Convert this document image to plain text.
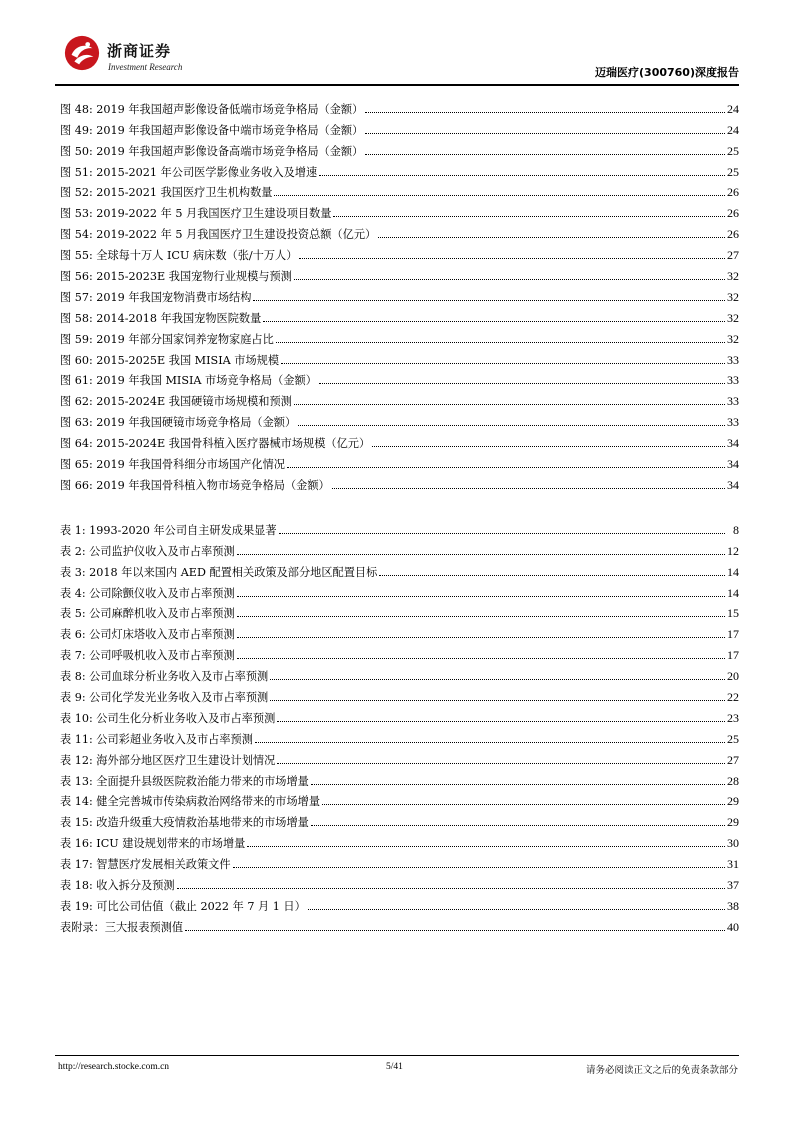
浙商证券
Investment Research	迈瑞医疗(300760)深度报告
图 48: 2019 年我国超声影像设备低端市场竞争格局（金额）	24
图 49: 2019 年我国超声影像设备中端市场竞争格局（金额）	24
图 50: 2019 年我国超声影像设备高端市场竞争格局（金额）	25
图 51: 2015-2021 年公司医学影像业务收入及增速	25
图 52: 2015-2021 我国医疗卫生机构数量	26
图 53: 2019-2022 年 5 月我国医疗卫生建设项目数量	26
图 54: 2019-2022 年 5 月我国医疗卫生建设投资总额（亿元）	26
图 55: 全球每十万人 ICU 病床数（张/十万人）	27
图 56: 2015-2023E 我国宠物行业规模与预测	32
图 57: 2019 年我国宠物消费市场结构	32
图 58: 2014-2018 年我国宠物医院数量	32
图 59: 2019 年部分国家饲养宠物家庭占比	32
图 60: 2015-2025E 我国 MISIA 市场规模	33
图 61: 2019 年我国 MISIA 市场竞争格局（金额）	33
图 62: 2015-2024E 我国硬镜市场规模和预测	33
图 63: 2019 年我国硬镜市场竞争格局（金额）	33
图 64: 2015-2024E 我国骨科植入医疗器械市场规模（亿元）	34
图 65: 2019 年我国骨科细分市场国产化情况	34
图 66: 2019 年我国骨科植入物市场竞争格局（金额）	34
表 1: 1993-2020 年公司自主研发成果显著	8
表 2: 公司监护仪收入及市占率预测	12
表 3: 2018 年以来国内 AED 配置相关政策及部分地区配置目标	14
表 4: 公司除颤仪收入及市占率预测	14
表 5: 公司麻醉机收入及市占率预测	15
表 6: 公司灯床塔收入及市占率预测	17
表 7: 公司呼吸机收入及市占率预测	17
表 8: 公司血球分析业务收入及市占率预测	20
表 9: 公司化学发光业务收入及市占率预测	22
表 10: 公司生化分析业务收入及市占率预测	23
表 11: 公司彩超业务收入及市占率预测	25
表 12: 海外部分地区医疗卫生建设计划情况	27
表 13: 全面提升县级医院救治能力带来的市场增量	28
表 14: 健全完善城市传染病救治网络带来的市场增量	29
表 15: 改造升级重大疫情救治基地带来的市场增量	29
表 16: ICU 建设规划带来的市场增量	30
表 17: 智慧医疗发展相关政策文件	31
表 18: 收入拆分及预测	37
表 19: 可比公司估值（截止 2022 年 7 月 1 日）	38
表附录：三大报表预测值	40
http://research.stocke.com.cn	5/41	请务必阅读正文之后的免责条款部分
